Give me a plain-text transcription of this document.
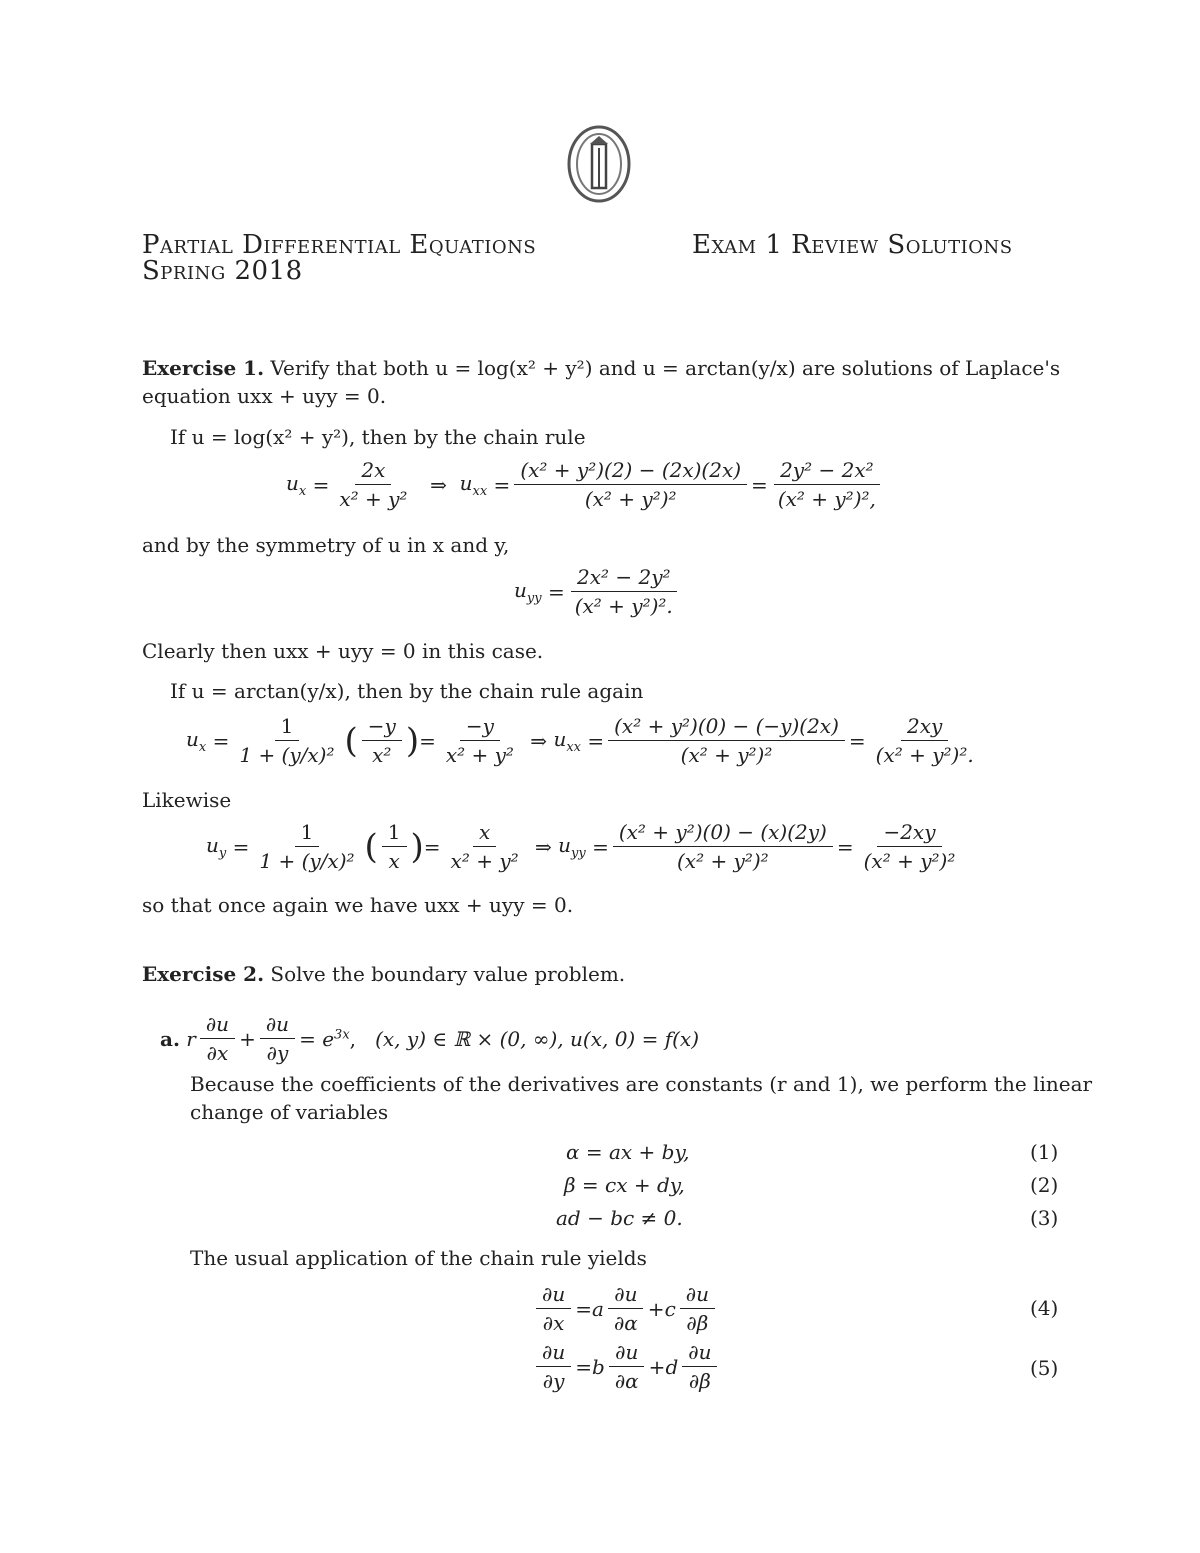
Partial Differential Equations
Spring 2018
Exam 1 Review Solutions
Exercise 1. Verify that both u = log(x² + y²) and u = arctan(y/x) are solutions of Laplace's
equation uxx + uyy = 0.
If u = log(x² + y²), then by the chain rule
$u_x = \frac{2x}{\text{x² + y²}}$ ⇒ $u_{xx} = \frac{\text{(x² + y²)(2) − (2x)(2x)}}{\text{(x² + y²)²}} = \frac{\text{2y² − 2x²}}{\text{(x² + y²)²,}}$
and by the symmetry of u in x and y,
$u_{yy} = \frac{\text{2x² − 2y²}}{\text{(x² + y²)².}}$
Clearly then uxx + uyy = 0 in this case.
If u = arctan(y/x), then by the chain rule again
$u_x = \frac{1}{\text{1 + (y/x)²}}$ ( $\frac{-y}{\text{x²}}$ ) = $\frac{-y}{\text{x² + y²}}$ ⇒ $u_{xx} = \frac{\text{(x² + y²)(0) − (−y)(2x)}}{\text{(x² + y²)²}} = \frac{2xy}{\text{(x² + y²)².}}$
Likewise
$u_y = \frac{1}{\text{1 + (y/x)²}}$ ( $\frac{1}{x}$ ) = $\frac{x}{\text{x² + y²}}$ ⇒ $u_{yy} = \frac{\text{(x² + y²)(0) − (x)(2y)}}{\text{(x² + y²)²}} = \frac{-2xy}{\text{(x² + y²)²}}$
so that once again we have uxx + uyy = 0.
Exercise 2. Solve the boundary value problem.
a.
r $\frac{\partial u}{\partial x} + \frac{\partial u}{\partial y} = e^{3x}$ , (x, y) ∈ ℝ × (0, ∞), u(x, 0) = f(x)
Because the coefficients of the derivatives are constants (r and 1), we perform the linear
change of variables
α = ax + by,
β = cx + dy,
ad − bc ≠ 0.
(1)
(2)
(3)
The usual application of the chain rule yields
$\frac{\partial u}{\partial x} = a \frac{\partial u}{\partial\alpha} + c \frac{\partial u}{\partial\beta}$	(4)
$\frac{\partial u}{\partial y} = b \frac{\partial u}{\partial\alpha} + d \frac{\partial u}{\partial\beta}$	(5)
